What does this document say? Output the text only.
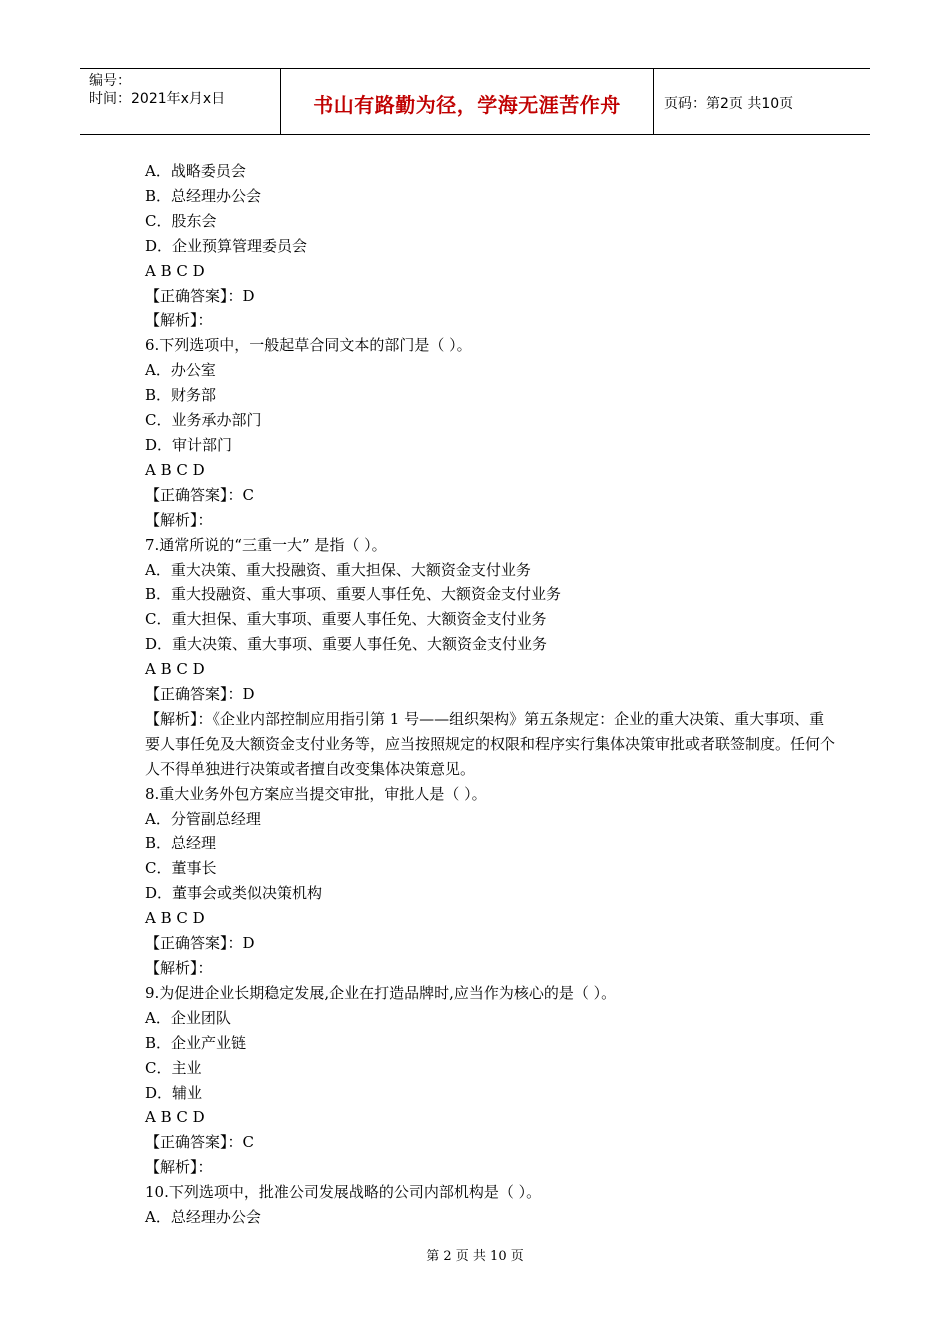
编号：
时间：2021年x月x日	书山有路勤为径，学海无涯苦作舟	页码：第2页 共10页

A．战略委员会

B．总经理办公会

C．股东会

D．企业预算管理委员会

A B C D

【正确答案】：D

【解析】：

6.下列选项中，一般起草合同文本的部门是（ ）。

A．办公室

B．财务部

C．业务承办部门

D．审计部门

A B C D

【正确答案】：C

【解析】：

7.通常所说的“三重一大” 是指（ ）。

A．重大决策、重大投融资、重大担保、大额资金支付业务

B．重大投融资、重大事项、重要人事任免、大额资金支付业务

C．重大担保、重大事项、重要人事任免、大额资金支付业务

D．重大决策、重大事项、重要人事任免、大额资金支付业务

A B C D

【正确答案】：D

【解析】：《企业内部控制应用指引第 1 号——组织架构》第五条规定：企业的重大决策、重大事项、重要人事任免及大额资金支付业务等，应当按照规定的权限和程序实行集体决策审批或者联签制度。任何个人不得单独进行决策或者擅自改变集体决策意见。

8.重大业务外包方案应当提交审批，审批人是（ ）。

A．分管副总经理

B．总经理

C．董事长

D．董事会或类似决策机构

A B C D

【正确答案】：D

【解析】：

9.为促进企业长期稳定发展,企业在打造品牌时,应当作为核心的是（ ）。

A．企业团队

B．企业产业链

C．主业

D．辅业

A B C D

【正确答案】：C

【解析】：

10.下列选项中，批准公司发展战略的公司内部机构是（ ）。

A．总经理办公会

第 2 页 共 10 页
